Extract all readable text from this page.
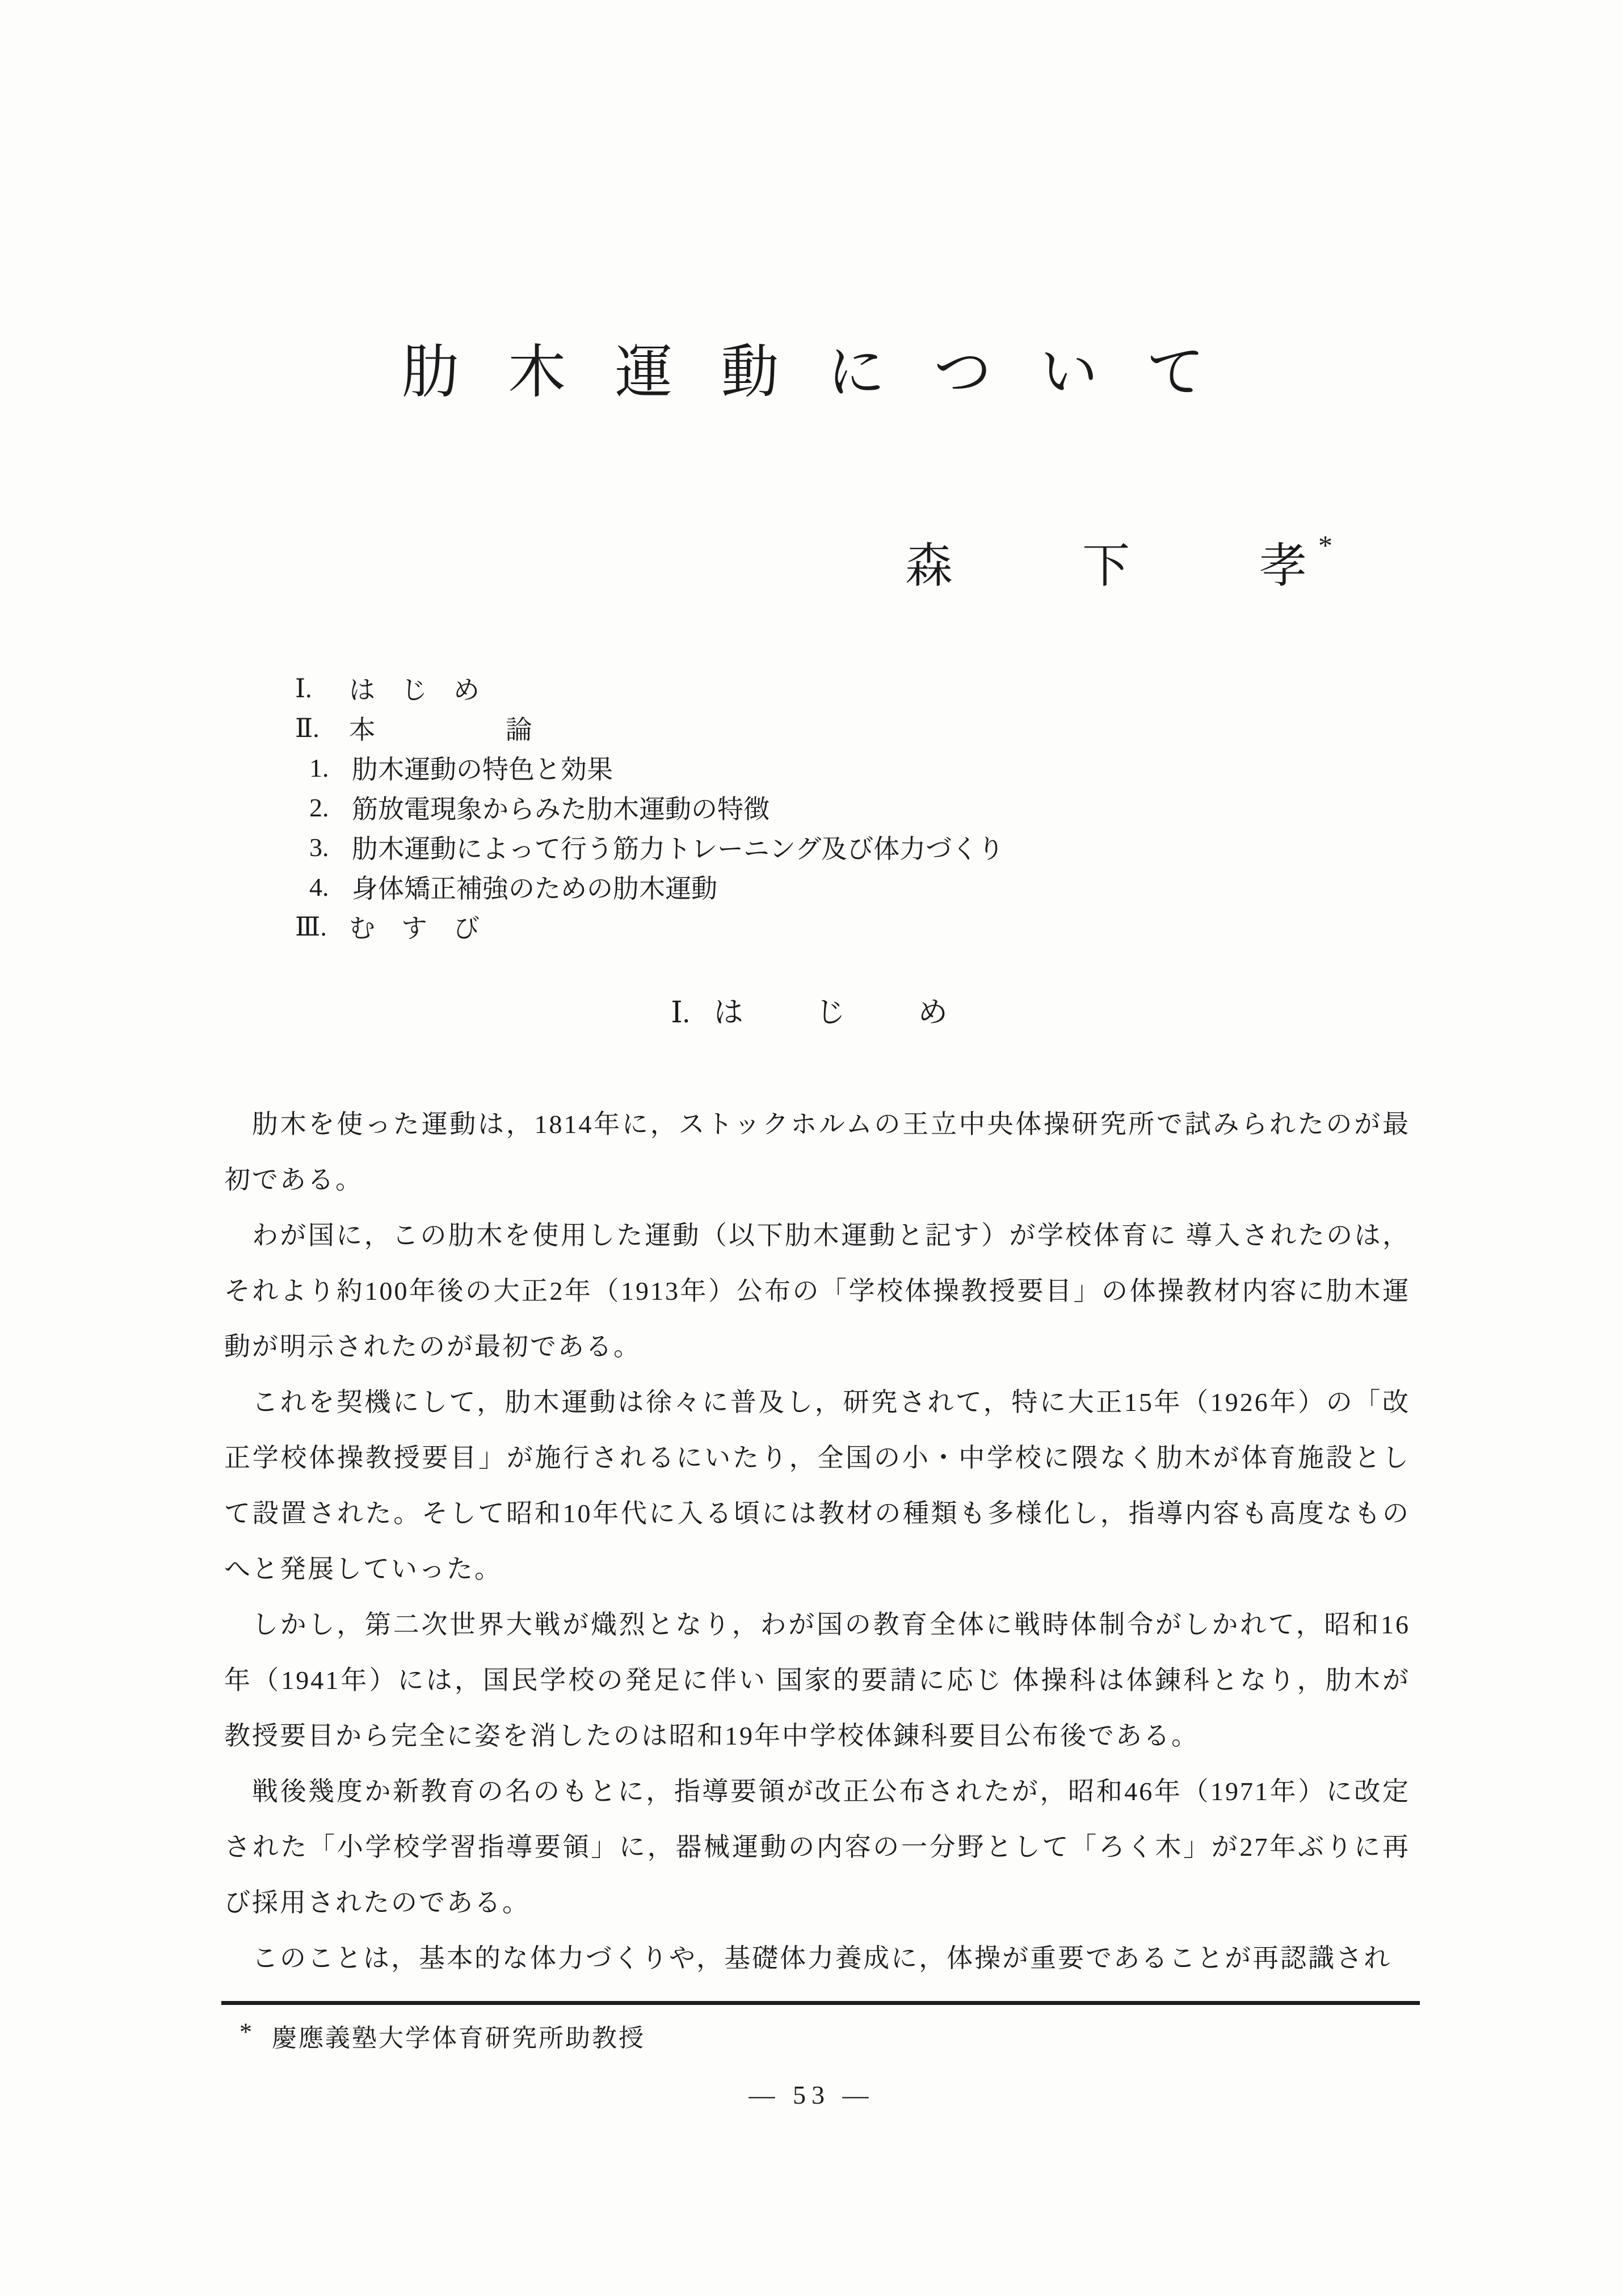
肋 木 運 動 に つ い て
森　　下　　孝*
Ⅰ.	は　じ　め
Ⅱ.	本　　　　　論
1. 肋木運動の特色と効果
2. 筋放電現象からみた肋木運動の特徴
3. 肋木運動によって行う筋力トレーニング及び体力づくり
4. 身体矯正補強のための肋木運動
Ⅲ. む　す　び
Ⅰ. は　　じ　　め

肋木を使った運動は，1814年に，ストックホルムの王立中央体操研究所で試みられたのが最初である。

わが国に，この肋木を使用した運動（以下肋木運動と記す）が学校体育に 導入されたのは，それより約100年後の大正2年（1913年）公布の「学校体操教授要目」の体操教材内容に肋木運動が明示されたのが最初である。

これを契機にして，肋木運動は徐々に普及し，研究されて，特に大正15年（1926年）の「改正学校体操教授要目」が施行されるにいたり，全国の小・中学校に隈なく肋木が体育施設として設置された。そして昭和10年代に入る頃には教材の種類も多様化し，指導内容も高度なものへと発展していった。

しかし，第二次世界大戦が熾烈となり，わが国の教育全体に戦時体制令がしかれて，昭和16年（1941年）には，国民学校の発足に伴い 国家的要請に応じ 体操科は体錬科となり，肋木が教授要目から完全に姿を消したのは昭和19年中学校体錬科要目公布後である。

戦後幾度か新教育の名のもとに，指導要領が改正公布されたが，昭和46年（1971年）に改定された「小学校学習指導要領」に，器械運動の内容の一分野として「ろく木」が27年ぶりに再び採用されたのである。

このことは，基本的な体力づくりや，基礎体力養成に，体操が重要であることが再認識され

* 慶應義塾大学体育研究所助教授
— 53 —
